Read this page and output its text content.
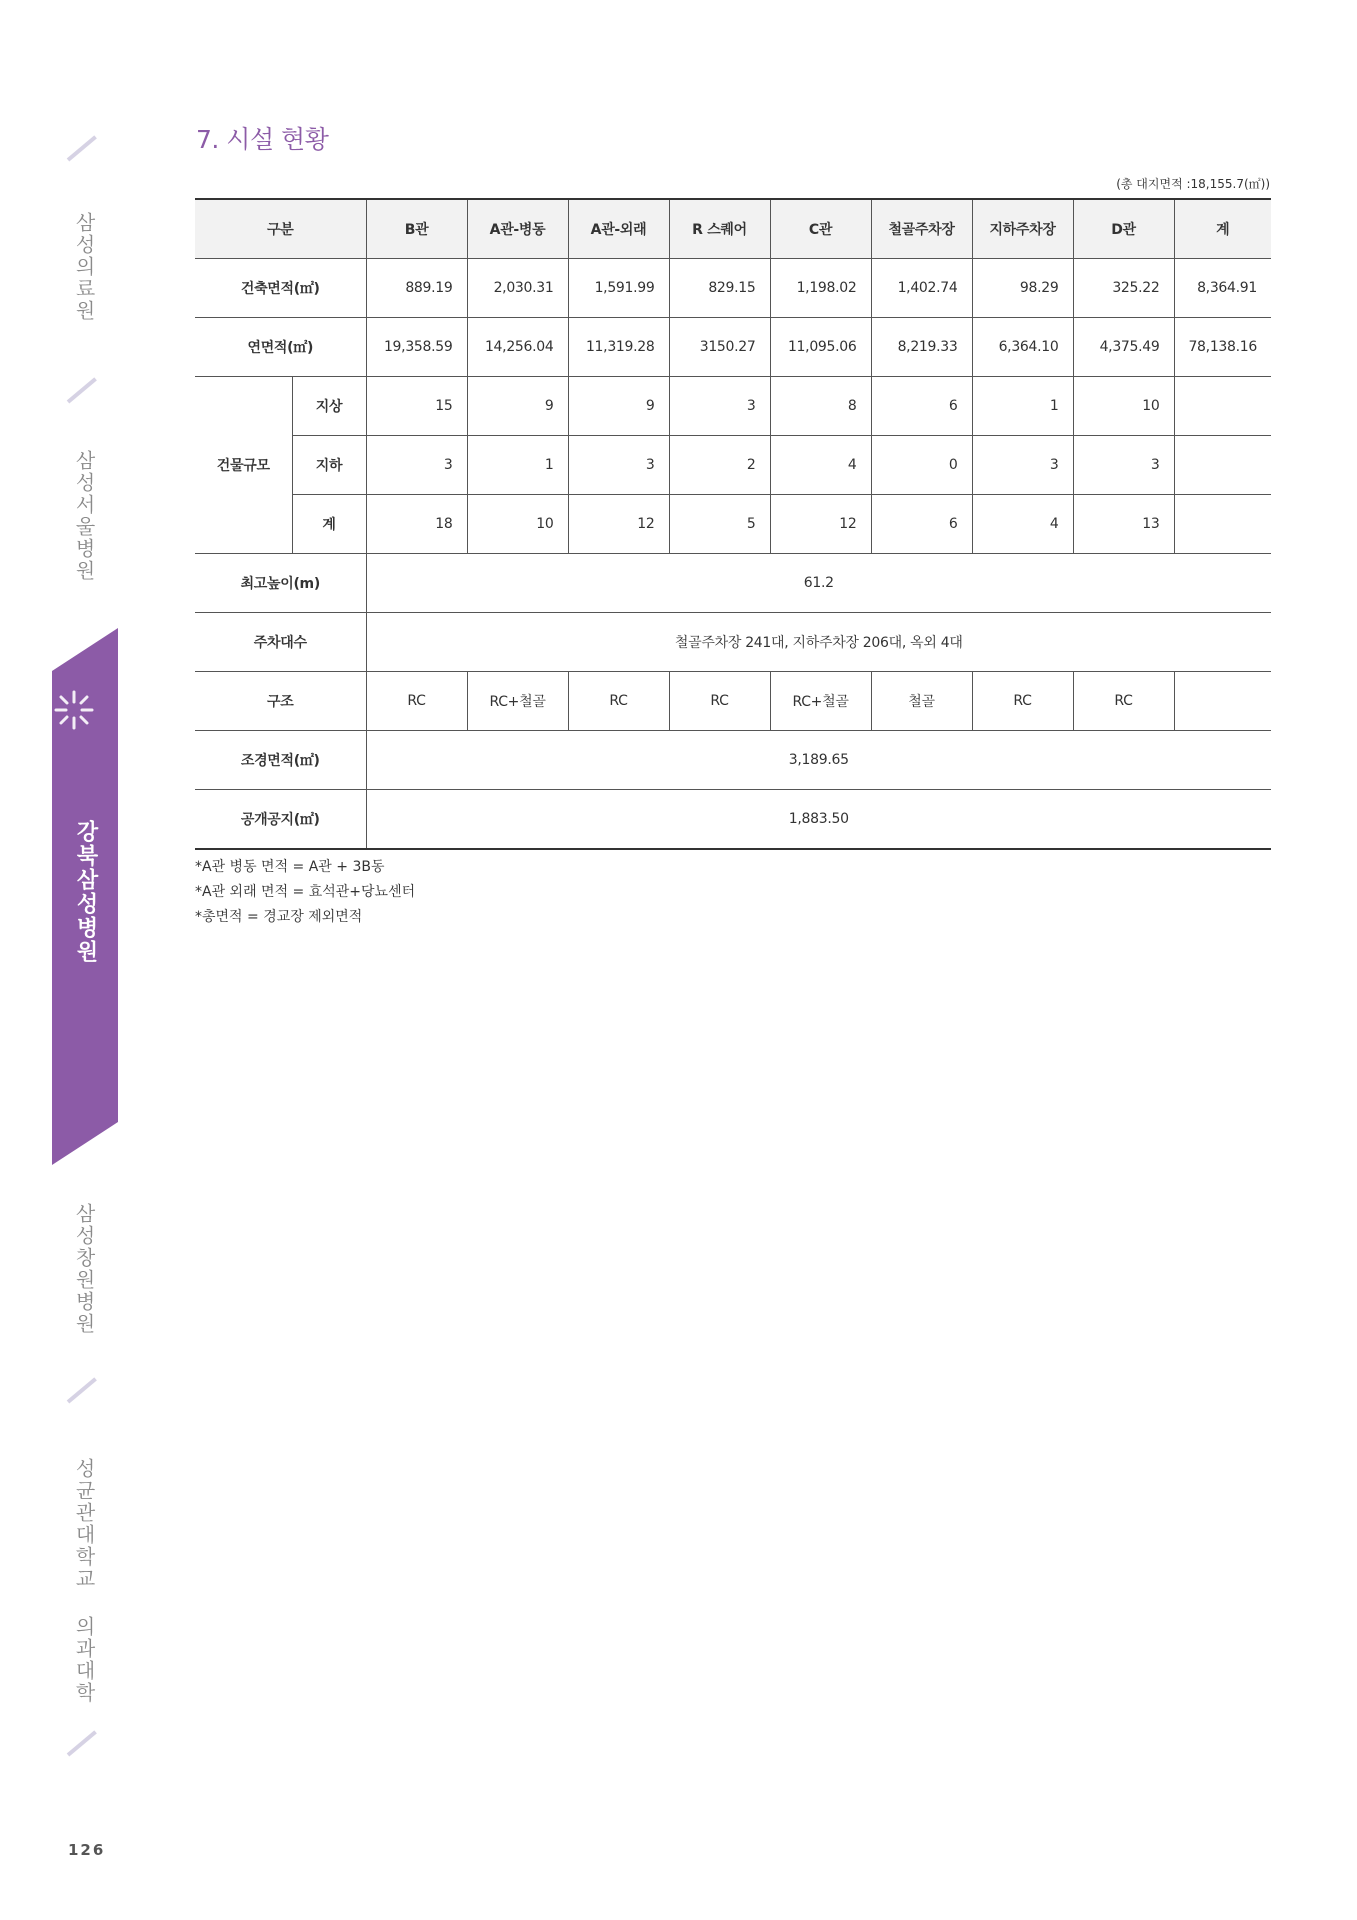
삼성의료원
삼성서울병원
강북삼성병원
삼성창원병원
성균관대학교 의과대학
126
7. 시설 현황
(총 대지면적 :18,155.7(㎡))
구분		B관	A관-병동	A관-외래	R 스퀘어	C관	철골주차장	지하주차장	D관	계
건축면적(㎡)		889.19	2,030.31	1,591.99	829.15	1,198.02	1,402.74	98.29	325.22	8,364.91
연면적(㎡)		19,358.59	14,256.04	11,319.28	3150.27	11,095.06	8,219.33	6,364.10	4,375.49	78,138.16
건물규모	지상	15	9	9	3	8	6	1	10	
	지하	3	1	3	2	4	0	3	3	
	계	18	10	12	5	12	6	4	13	
최고높이(m)		61.2								
주차대수		철골주차장 241대, 지하주차장 206대, 옥외 4대								
구조		RC	RC+철골	RC	RC	RC+철골	철골	RC	RC	
조경면적(㎡)		3,189.65								
공개공지(㎡)		1,883.50								
*A관 병동 면적 = A관 + 3B동
*A관 외래 면적 = 효석관+당뇨센터
*총면적 = 경교장 제외면적
